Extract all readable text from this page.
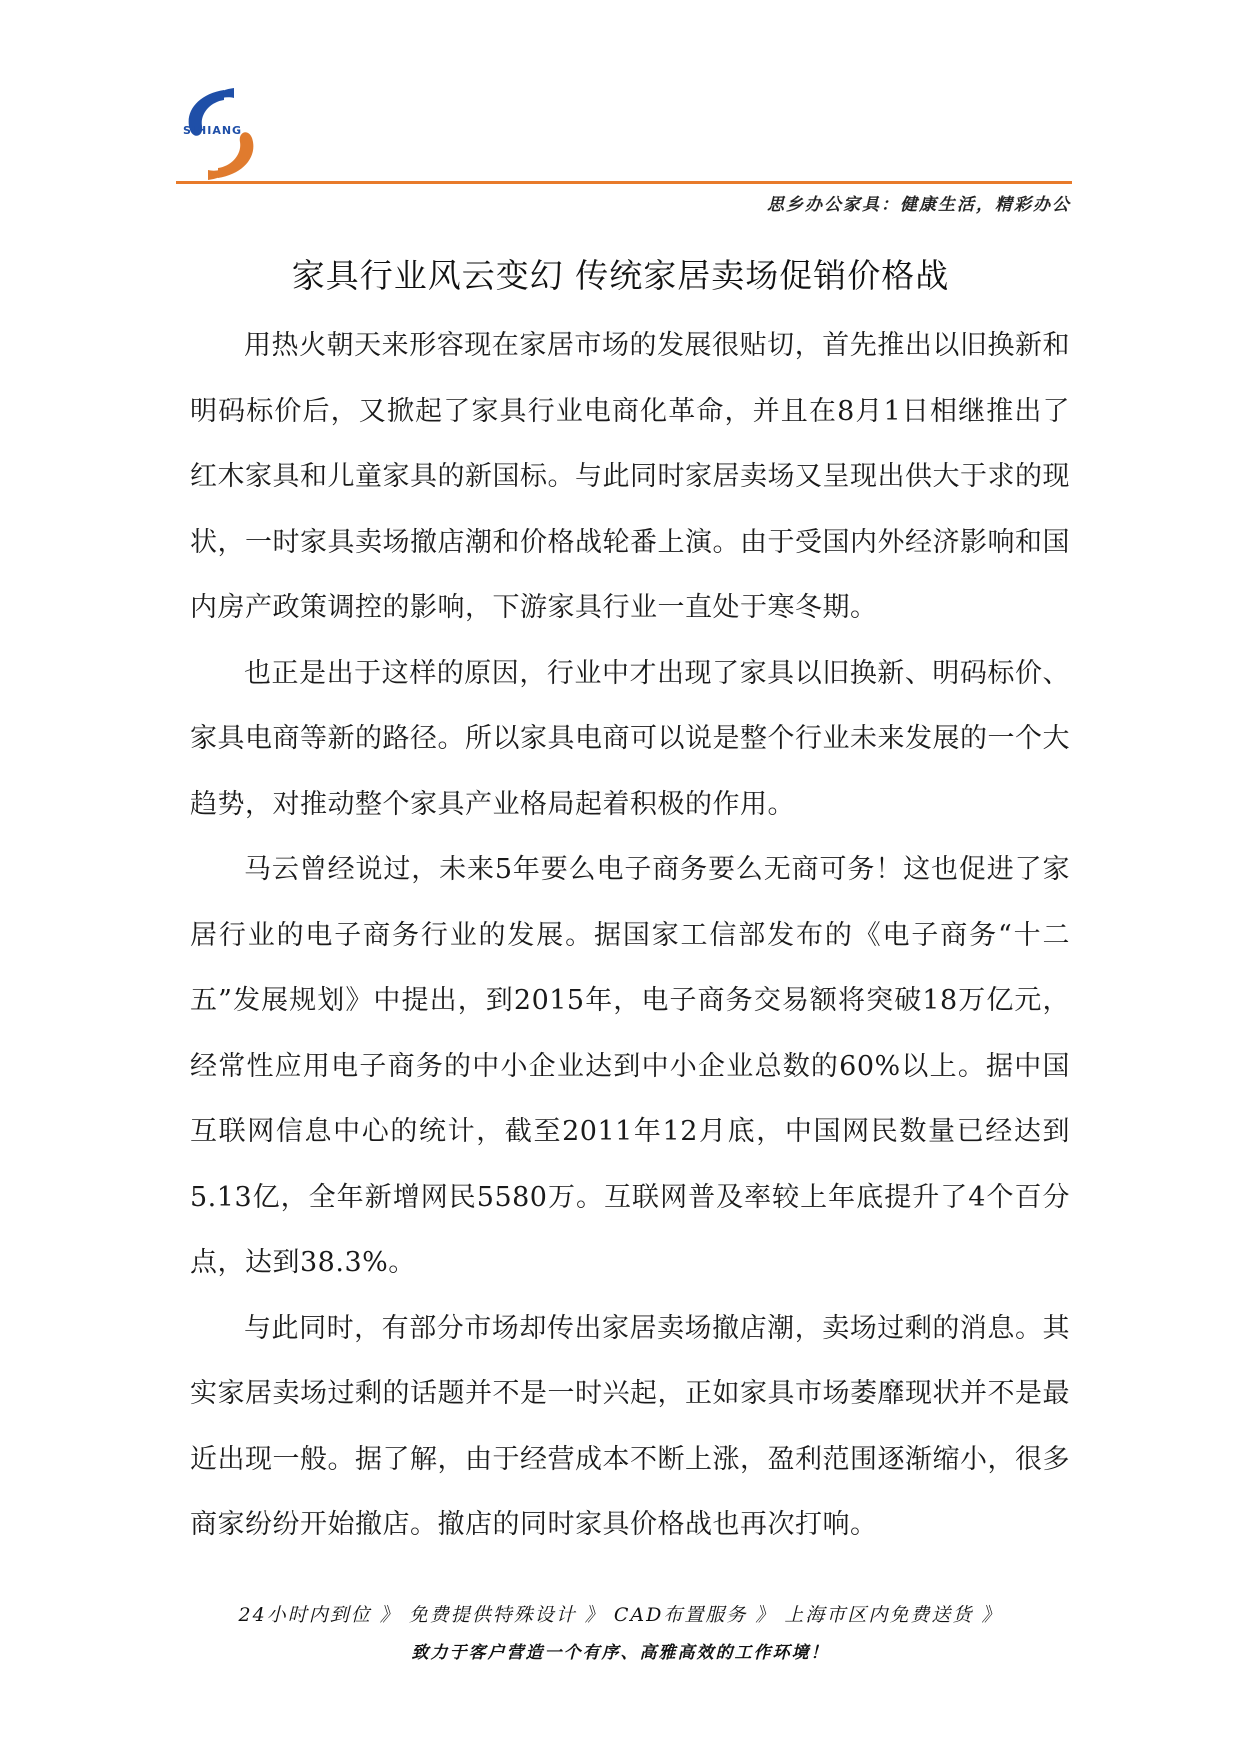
SIHIANG
思乡办公家具：健康生活，精彩办公
家具行业风云变幻 传统家居卖场促销价格战

用热火朝天来形容现在家居市场的发展很贴切，首先推出以旧换新和明码标价后，又掀起了家具行业电商化革命，并且在8月1日相继推出了红木家具和儿童家具的新国标。与此同时家居卖场又呈现出供大于求的现状，一时家具卖场撤店潮和价格战轮番上演。由于受国内外经济影响和国内房产政策调控的影响，下游家具行业一直处于寒冬期。

也正是出于这样的原因，行业中才出现了家具以旧换新、明码标价、家具电商等新的路径。所以家具电商可以说是整个行业未来发展的一个大趋势，对推动整个家具产业格局起着积极的作用。

马云曾经说过，未来5年要么电子商务要么无商可务！这也促进了家居行业的电子商务行业的发展。据国家工信部发布的《电子商务“十二五”发展规划》中提出，到2015年，电子商务交易额将突破18万亿元，经常性应用电子商务的中小企业达到中小企业总数的60%以上。据中国互联网信息中心的统计，截至2011年12月底，中国网民数量已经达到5.13亿，全年新增网民5580万。互联网普及率较上年底提升了4个百分点，达到38.3%。

与此同时，有部分市场却传出家居卖场撤店潮，卖场过剩的消息。其实家居卖场过剩的话题并不是一时兴起，正如家具市场萎靡现状并不是最近出现一般。据了解，由于经营成本不断上涨，盈利范围逐渐缩小，很多商家纷纷开始撤店。撤店的同时家具价格战也再次打响。

24小时内到位 》 免费提供特殊设计 》 CAD布置服务 》 上海市区内免费送货 》
致力于客户营造一个有序、高雅高效的工作环境！
